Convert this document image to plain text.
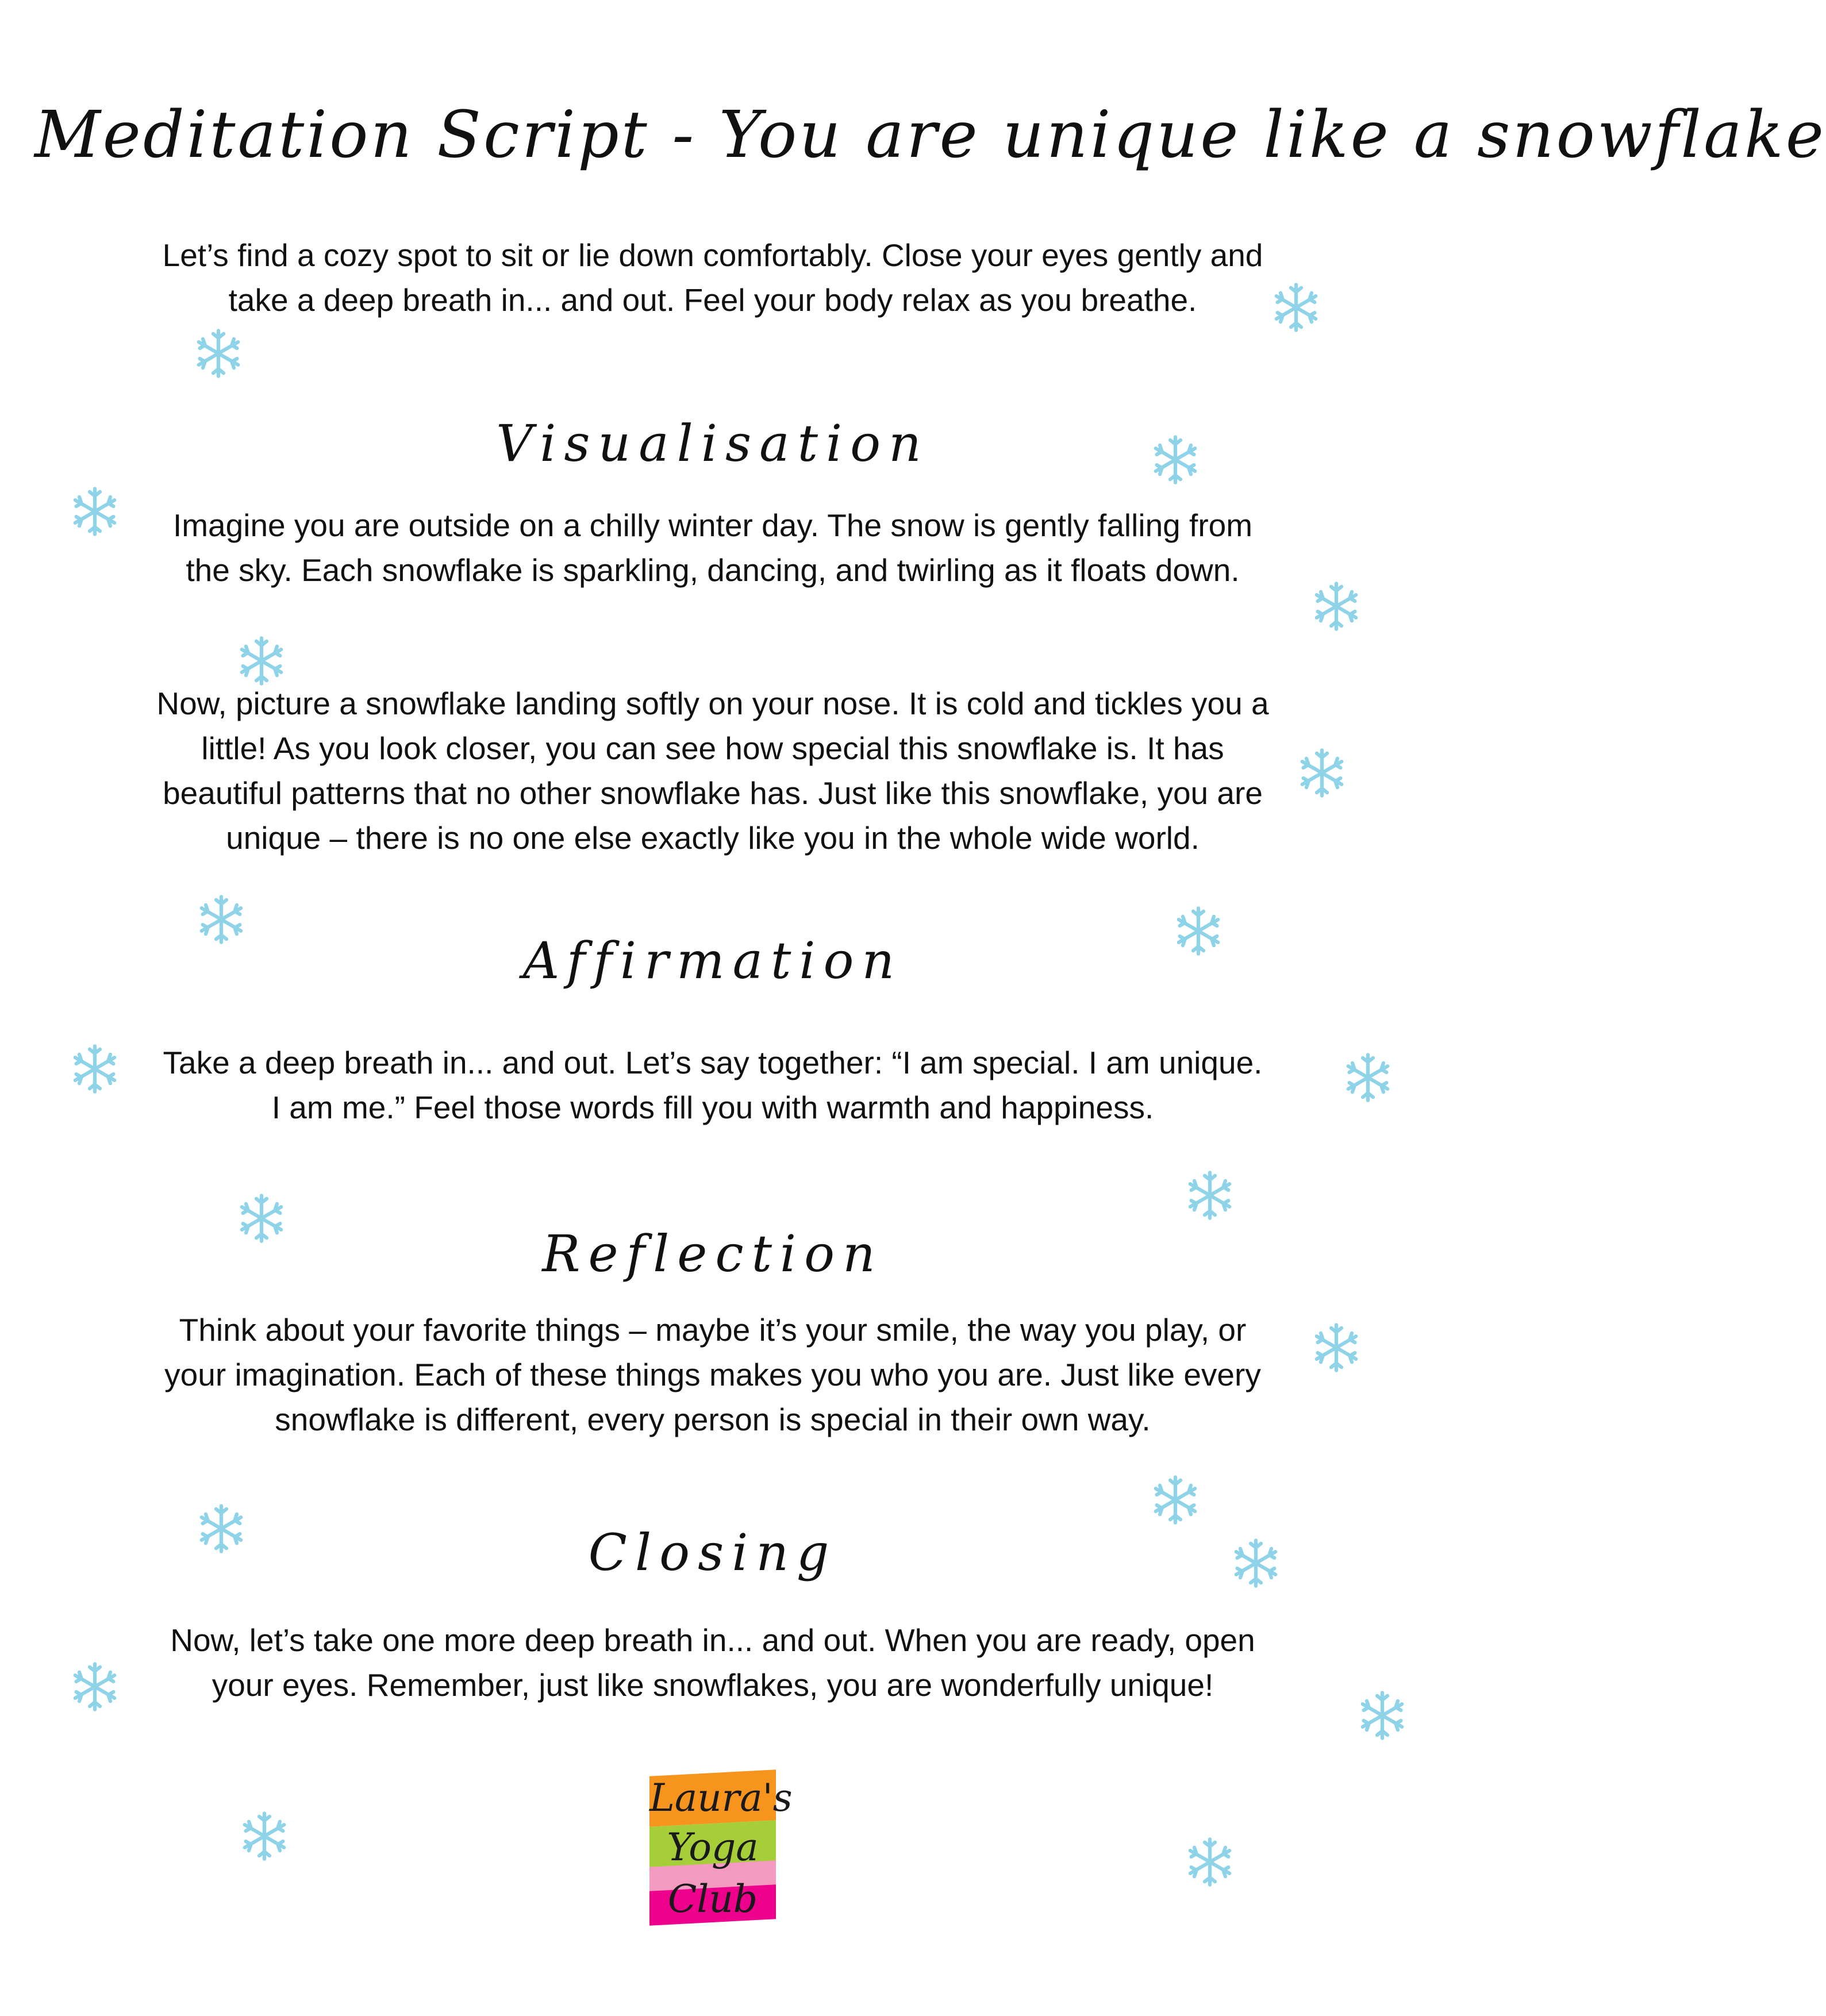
Meditation Script - You are unique like a snowflake
Let’s find a cozy spot to sit or lie down comfortably. Close your eyes gently and take a deep breath in... and out. Feel your body relax as you breathe.
Visualisation
Imagine you are outside on a chilly winter day. The snow is gently falling from the sky. Each snowflake is sparkling, dancing, and twirling as it floats down.
Now, picture a snowflake landing softly on your nose. It is cold and tickles you a little! As you look closer, you can see how special this snowflake is. It has beautiful patterns that no other snowflake has. Just like this snowflake, you are unique – there is no one else exactly like you in the whole wide world.
Affirmation
Take a deep breath in... and out. Let’s say together: “I am special. I am unique. I am me.” Feel those words fill you with warmth and happiness.
Reflection
Think about your favorite things – maybe it’s your smile, the way you play, or your imagination. Each of these things makes you who you are. Just like every snowflake is different, every person is special in their own way.
Closing
Now, let’s take one more deep breath in... and out. When you are ready, open your eyes. Remember, just like snowflakes, you are wonderfully unique!
Laura's
Yoga
Club
